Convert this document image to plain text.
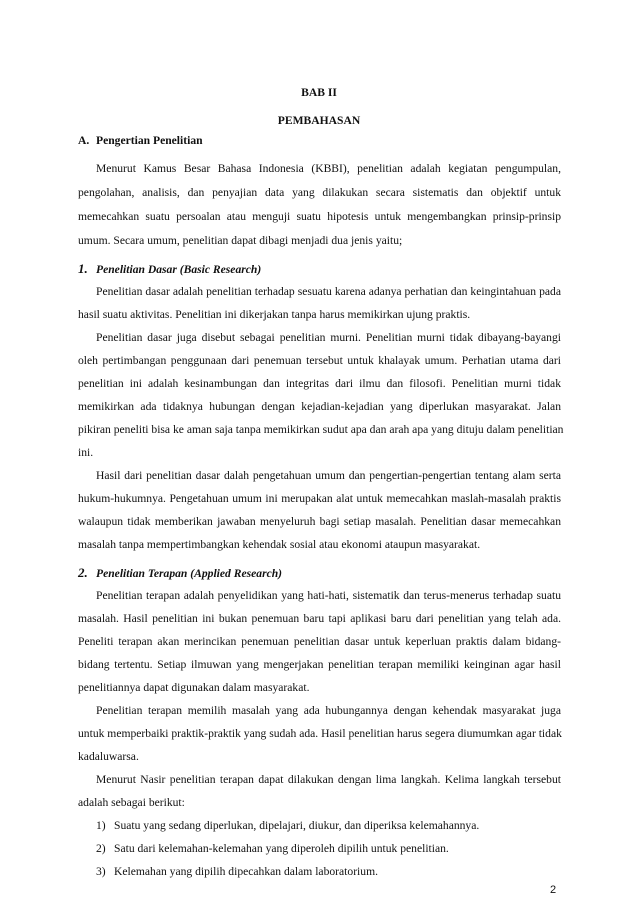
BAB II
PEMBAHASAN
A. Pengertian Penelitian
Menurut Kamus Besar Bahasa Indonesia (KBBI), penelitian adalah kegiatan pengumpulan,
pengolahan, analisis, dan penyajian data yang dilakukan secara sistematis dan objektif untuk
memecahkan suatu persoalan atau menguji suatu hipotesis untuk mengembangkan prinsip-prinsip
umum. Secara umum, penelitian dapat dibagi menjadi dua jenis yaitu;
1. Penelitian Dasar (Basic Research)
Penelitian dasar adalah penelitian terhadap sesuatu karena adanya perhatian dan keingintahuan pada
hasil suatu aktivitas. Penelitian ini dikerjakan tanpa harus memikirkan ujung praktis.
Penelitian dasar juga disebut sebagai penelitian murni. Penelitian murni tidak dibayang-bayangi
oleh pertimbangan penggunaan dari penemuan tersebut untuk khalayak umum. Perhatian utama dari
penelitian ini adalah kesinambungan dan integritas dari ilmu dan filosofi. Penelitian murni tidak
memikirkan ada tidaknya hubungan dengan kejadian-kejadian yang diperlukan masyarakat. Jalan
pikiran peneliti bisa ke aman saja tanpa memikirkan sudut apa dan arah apa yang dituju dalam penelitian
ini.
Hasil dari penelitian dasar dalah pengetahuan umum dan pengertian-pengertian tentang alam serta
hukum-hukumnya. Pengetahuan umum ini merupakan alat untuk memecahkan maslah-masalah praktis
walaupun tidak memberikan jawaban menyeluruh bagi setiap masalah. Penelitian dasar memecahkan
masalah tanpa mempertimbangkan kehendak sosial atau ekonomi ataupun masyarakat.
2. Penelitian Terapan (Applied Research)
Penelitian terapan adalah penyelidikan yang hati-hati, sistematik dan terus-menerus terhadap suatu
masalah. Hasil penelitian ini bukan penemuan baru tapi aplikasi baru dari penelitian yang telah ada.
Peneliti terapan akan merincikan penemuan penelitian dasar untuk keperluan praktis dalam bidang-
bidang tertentu. Setiap ilmuwan yang mengerjakan penelitian terapan memiliki keinginan agar hasil
penelitiannya dapat digunakan dalam masyarakat.
Penelitian terapan memilih masalah yang ada hubungannya dengan kehendak masyarakat juga
untuk memperbaiki praktik-praktik yang sudah ada. Hasil penelitian harus segera diumumkan agar tidak
kadaluwarsa.
Menurut Nasir penelitian terapan dapat dilakukan dengan lima langkah. Kelima langkah tersebut
adalah sebagai berikut:
1) Suatu yang sedang diperlukan, dipelajari, diukur, dan diperiksa kelemahannya.
2) Satu dari kelemahan-kelemahan yang diperoleh dipilih untuk penelitian.
3) Kelemahan yang dipilih dipecahkan dalam laboratorium.
2
